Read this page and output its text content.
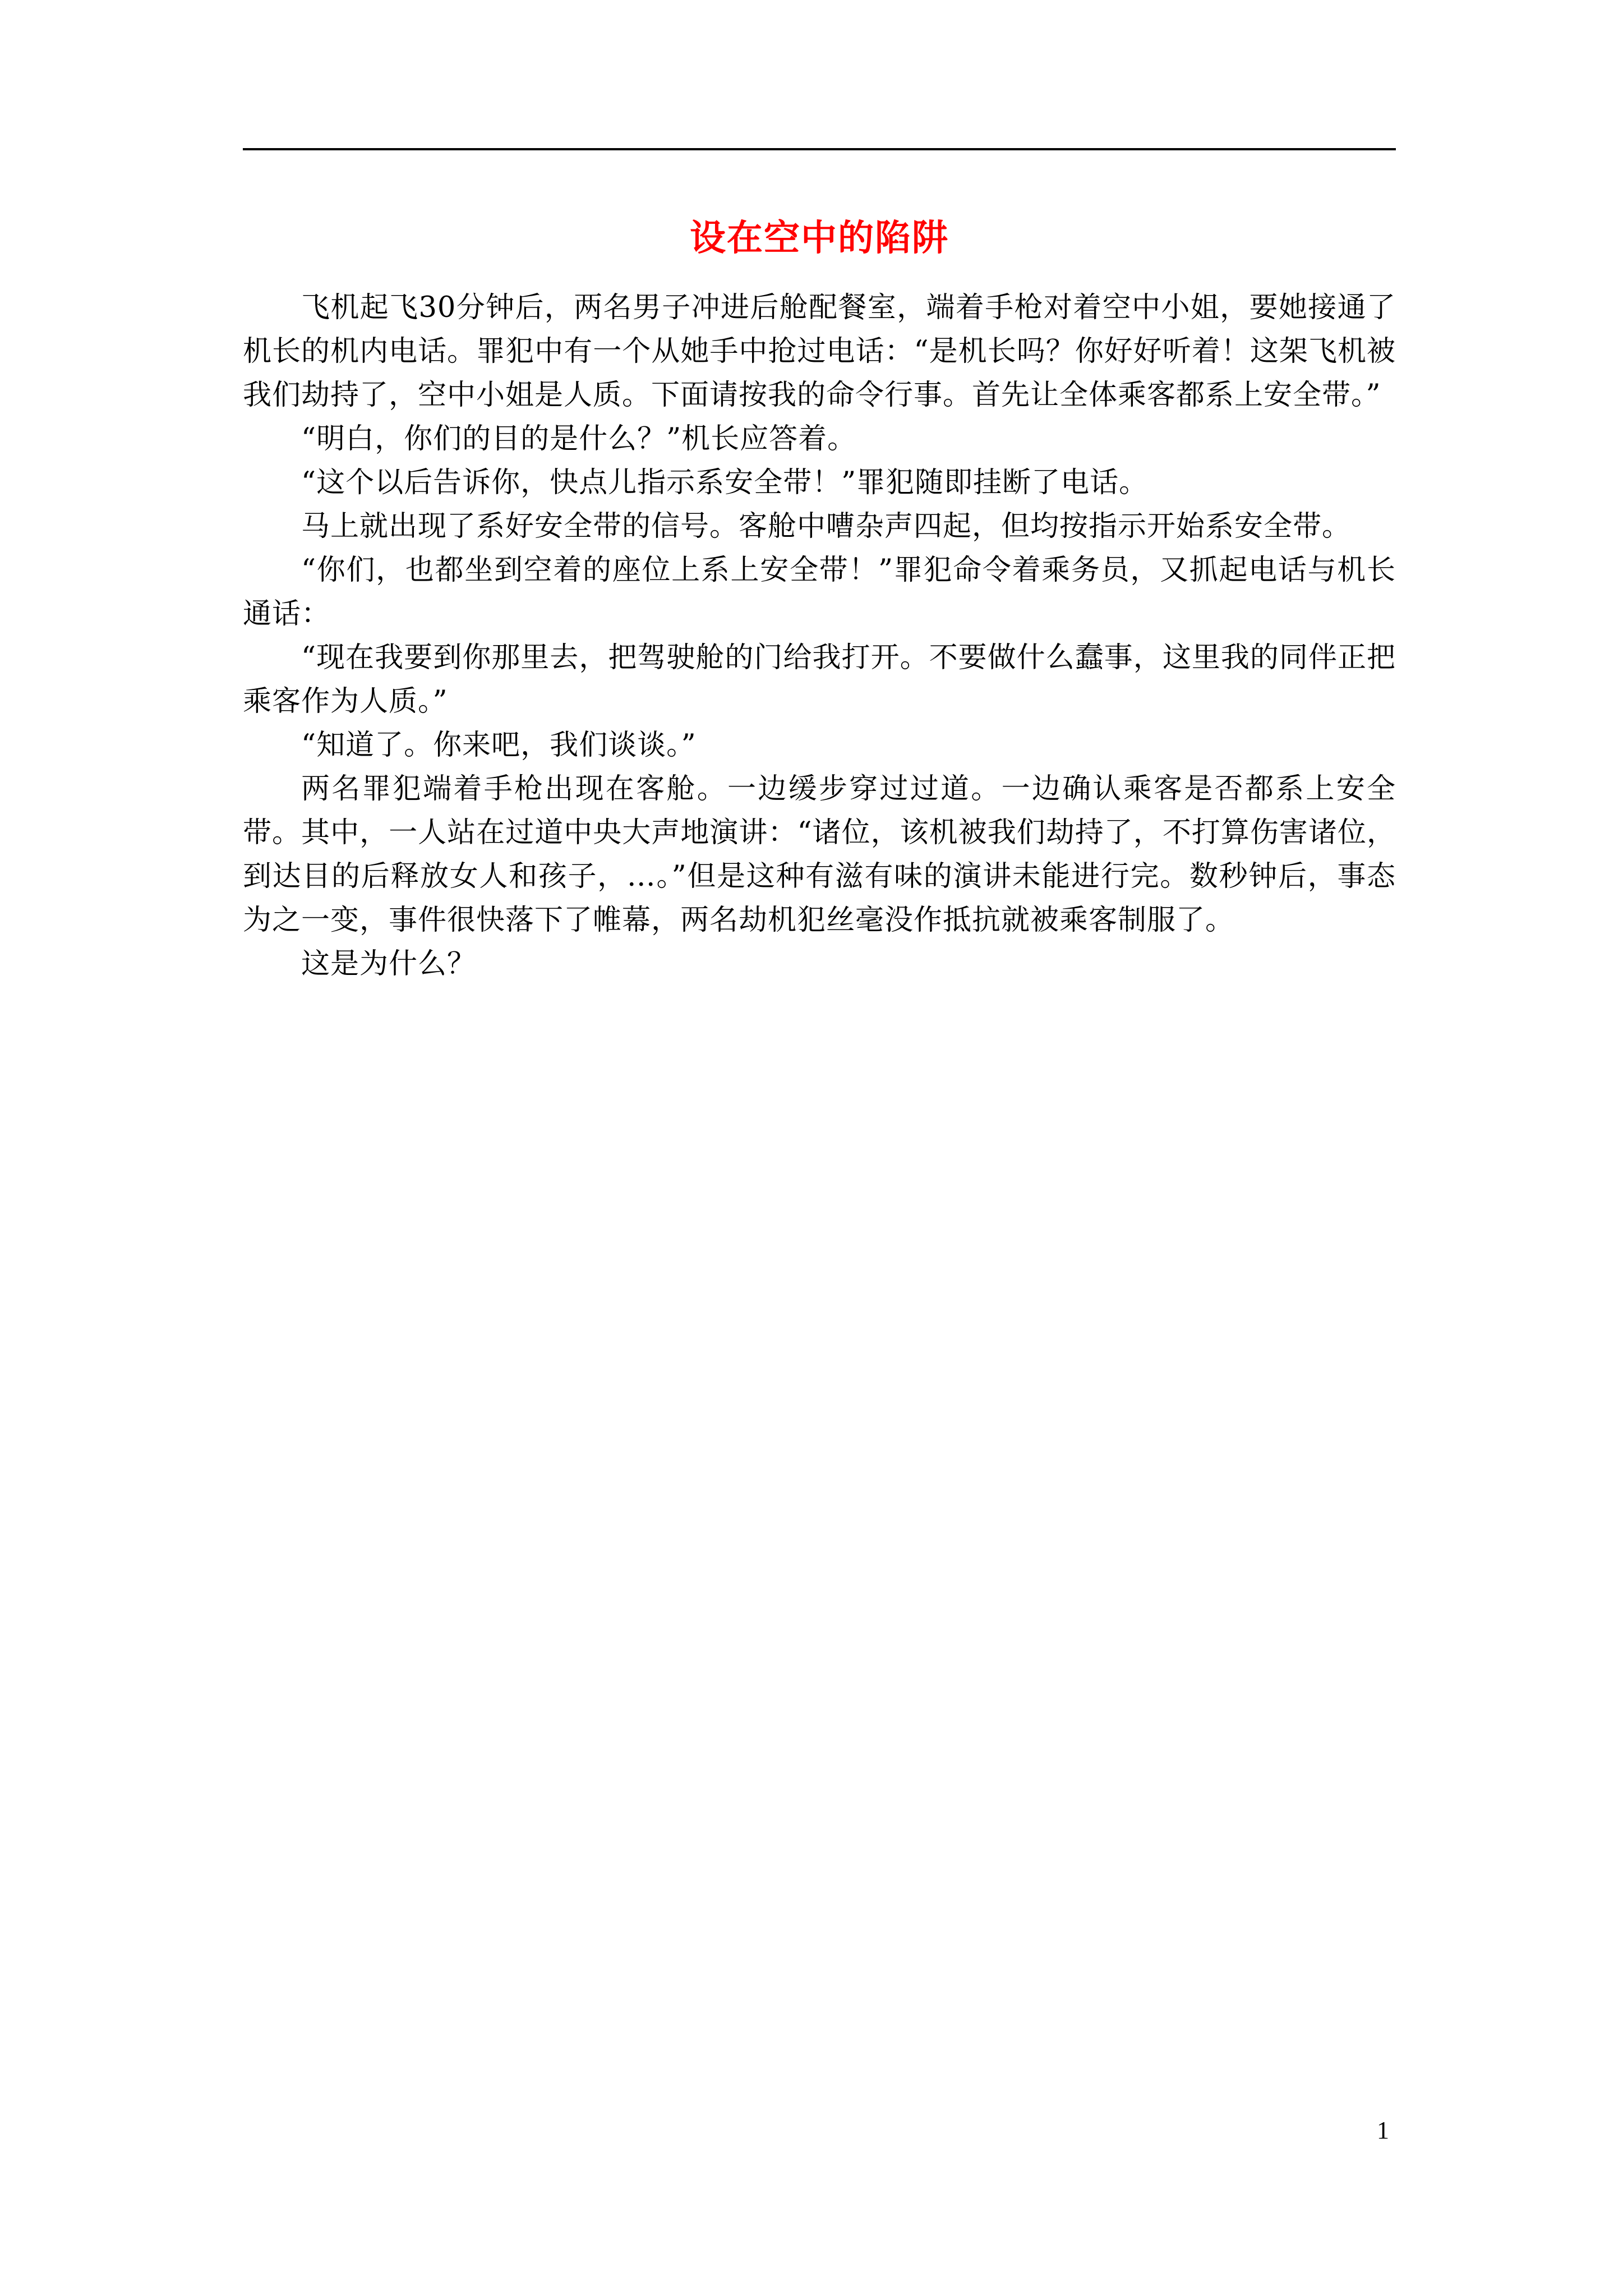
设在空中的陷阱

飞机起飞30分钟后，两名男子冲进后舱配餐室，端着手枪对着空中小姐，要她接通了机长的机内电话。罪犯中有一个从她手中抢过电话：“是机长吗？你好好听着！这架飞机被我们劫持了，空中小姐是人质。下面请按我的命令行事。首先让全体乘客都系上安全带。”

“明白，你们的目的是什么？”机长应答着。

“这个以后告诉你，快点儿指示系安全带！”罪犯随即挂断了电话。

马上就出现了系好安全带的信号。客舱中嘈杂声四起，但均按指示开始系安全带。

“你们，也都坐到空着的座位上系上安全带！”罪犯命令着乘务员，又抓起电话与机长通话：

“现在我要到你那里去，把驾驶舱的门给我打开。不要做什么蠢事，这里我的同伴正把乘客作为人质。”

“知道了。你来吧，我们谈谈。”

两名罪犯端着手枪出现在客舱。一边缓步穿过过道。一边确认乘客是否都系上安全带。其中，一人站在过道中央大声地演讲：“诸位，该机被我们劫持了，不打算伤害诸位，到达目的后释放女人和孩子，…。”但是这种有滋有味的演讲未能进行完。数秒钟后，事态为之一变，事件很快落下了帷幕，两名劫机犯丝毫没作抵抗就被乘客制服了。

这是为什么？

1
